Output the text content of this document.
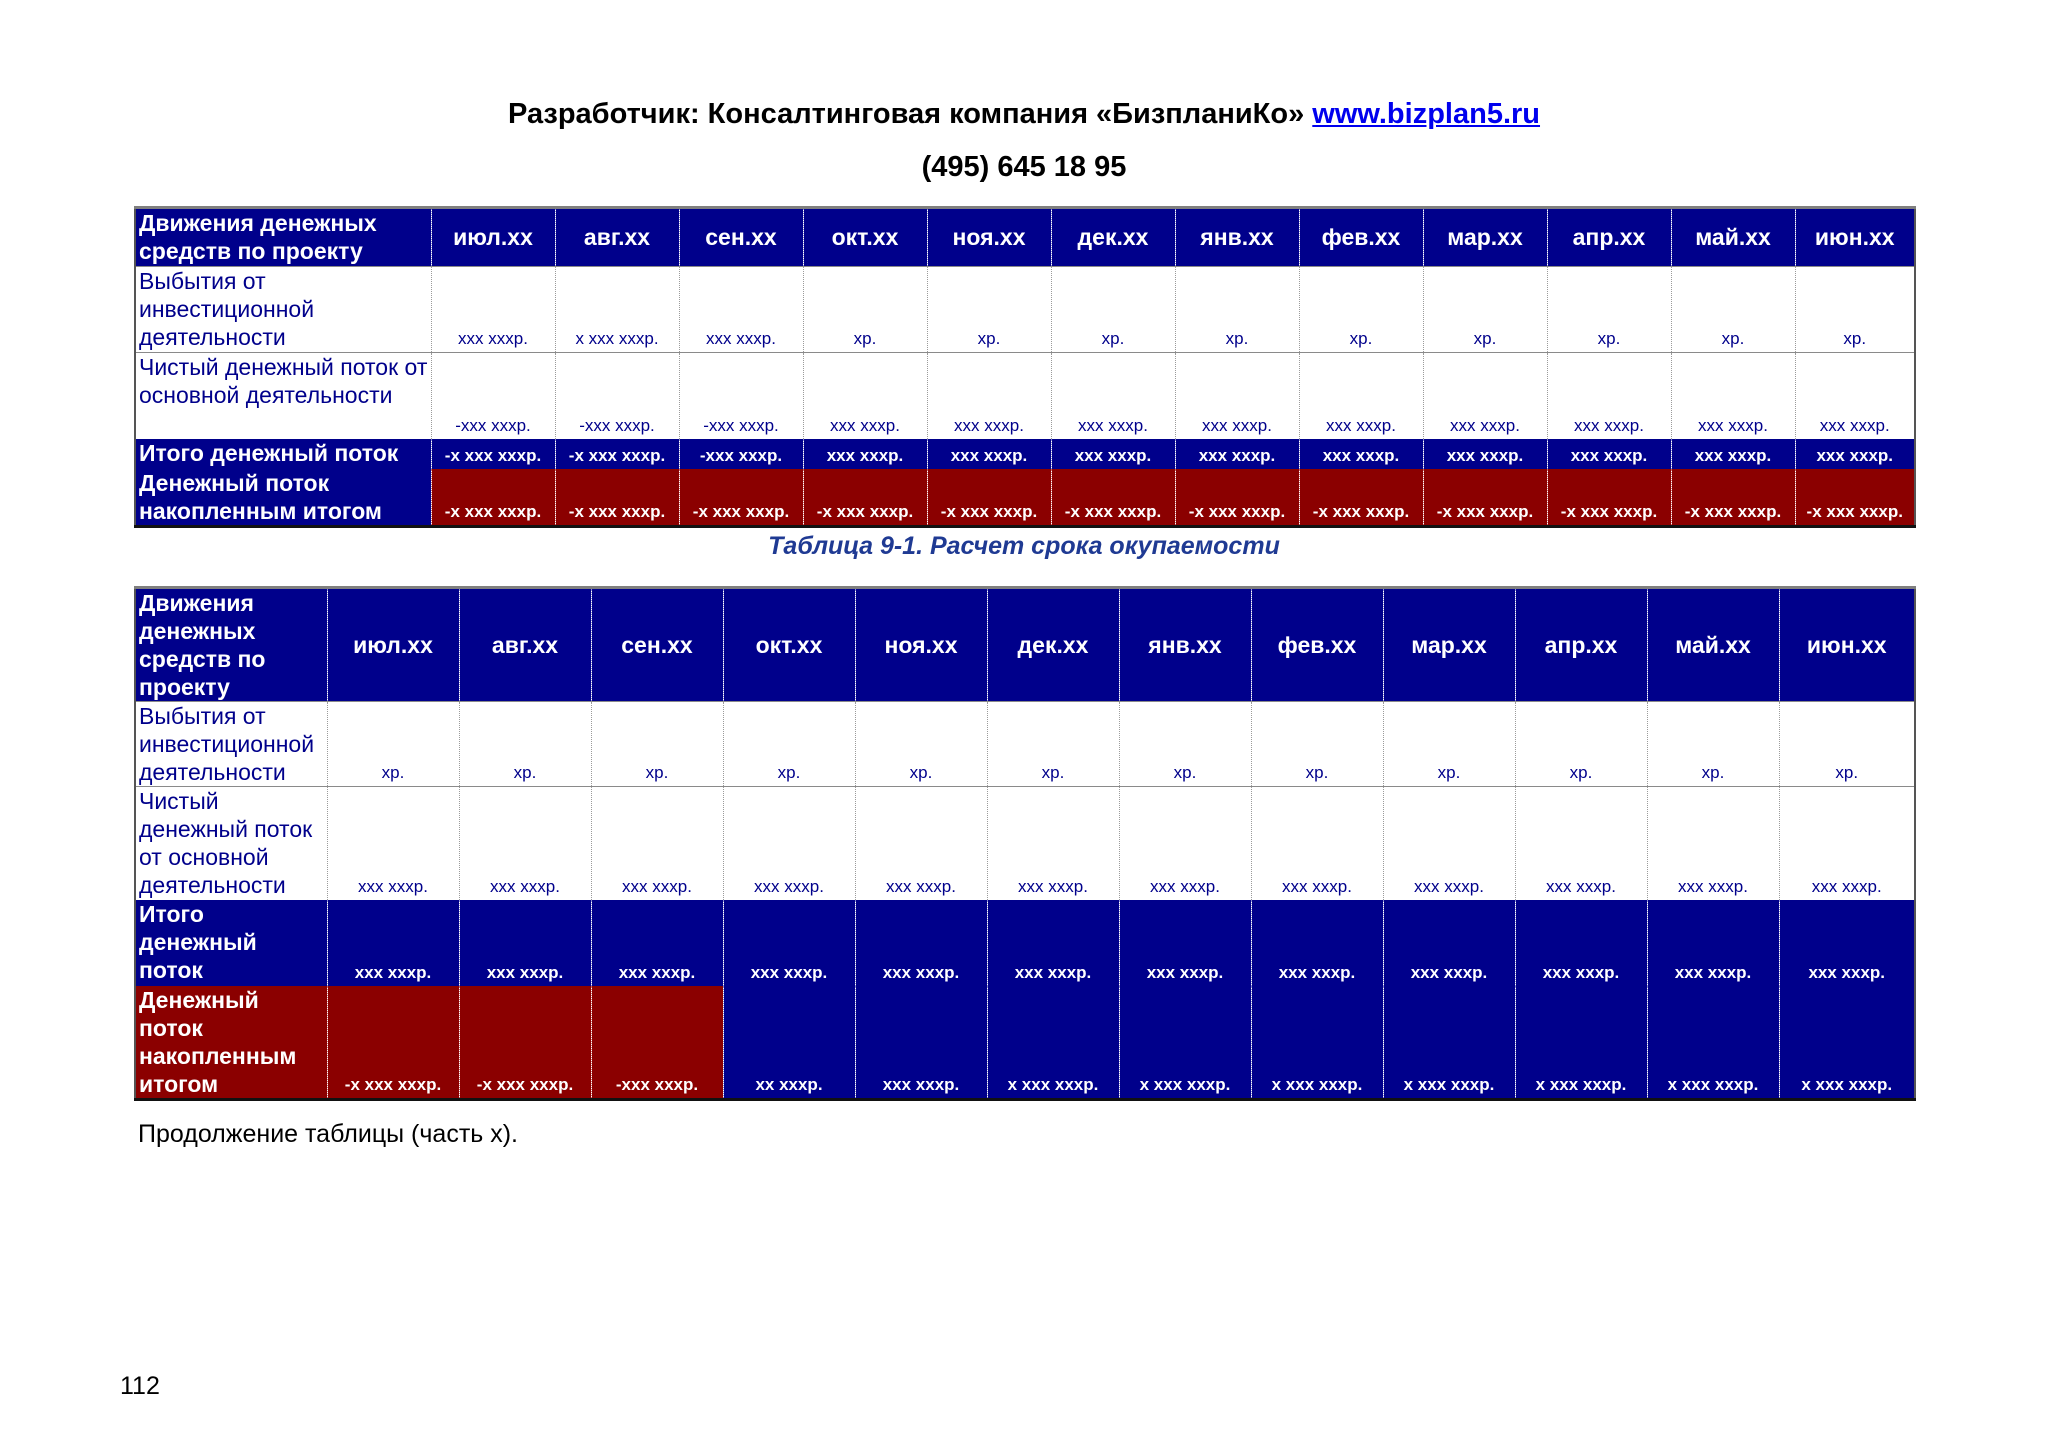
Разработчик: Консалтинговая компания «БизпланиКо» www.bizplan5.ru
(495) 645 18 95
Движения денежных средств по проекту	июл.xx	авг.xx	сен.xx	окт.xx	ноя.xx	дек.xx	янв.xx	фев.xx	мар.xx	апр.xx	май.xx	июн.xx
Выбытия от инвестиционной деятельности	xxx xxxр.	x xxx xxxр.	xxx xxxр.	xр.	xр.	xр.	xр.	xр.	xр.	xр.	xр.	xр.
Чистый денежный поток от основной деятельности	-xxx xxxр.	-xxx xxxр.	-xxx xxxр.	xxx xxxр.	xxx xxxр.	xxx xxxр.	xxx xxxр.	xxx xxxр.	xxx xxxр.	xxx xxxр.	xxx xxxр.	xxx xxxр.
Итого денежный поток	-x xxx xxxр.	-x xxx xxxр.	-xxx xxxр.	xxx xxxр.	xxx xxxр.	xxx xxxр.	xxx xxxр.	xxx xxxр.	xxx xxxр.	xxx xxxр.	xxx xxxр.	xxx xxxр.
Денежный поток накопленным итогом	-x xxx xxxр.	-x xxx xxxр.	-x xxx xxxр.	-x xxx xxxр.	-x xxx xxxр.	-x xxx xxxр.	-x xxx xxxр.	-x xxx xxxр.	-x xxx xxxр.	-x xxx xxxр.	-x xxx xxxр.	-x xxx xxxр.
Таблица 9-1. Расчет срока окупаемости
Движения денежных средств по проекту	июл.xx	авг.xx	сен.xx	окт.xx	ноя.xx	дек.xx	янв.xx	фев.xx	мар.xx	апр.xx	май.xx	июн.xx
Выбытия от инвестиционной деятельности	xр.	xр.	xр.	xр.	xр.	xр.	xр.	xр.	xр.	xр.	xр.	xр.
Чистый денежный поток от основной деятельности	xxx xxxр.	xxx xxxр.	xxx xxxр.	xxx xxxр.	xxx xxxр.	xxx xxxр.	xxx xxxр.	xxx xxxр.	xxx xxxр.	xxx xxxр.	xxx xxxр.	xxx xxxр.
Итого денежный поток	xxx xxxр.	xxx xxxр.	xxx xxxр.	xxx xxxр.	xxx xxxр.	xxx xxxр.	xxx xxxр.	xxx xxxр.	xxx xxxр.	xxx xxxр.	xxx xxxр.	xxx xxxр.
Денежный поток накопленным итогом	-x xxx xxxр.	-x xxx xxxр.	-xxx xxxр.	xx xxxр.	xxx xxxр.	x xxx xxxр.	x xxx xxxр.	x xxx xxxр.	x xxx xxxр.	x xxx xxxр.	x xxx xxxр.	x xxx xxxр.
Продолжение таблицы (часть x).
112
